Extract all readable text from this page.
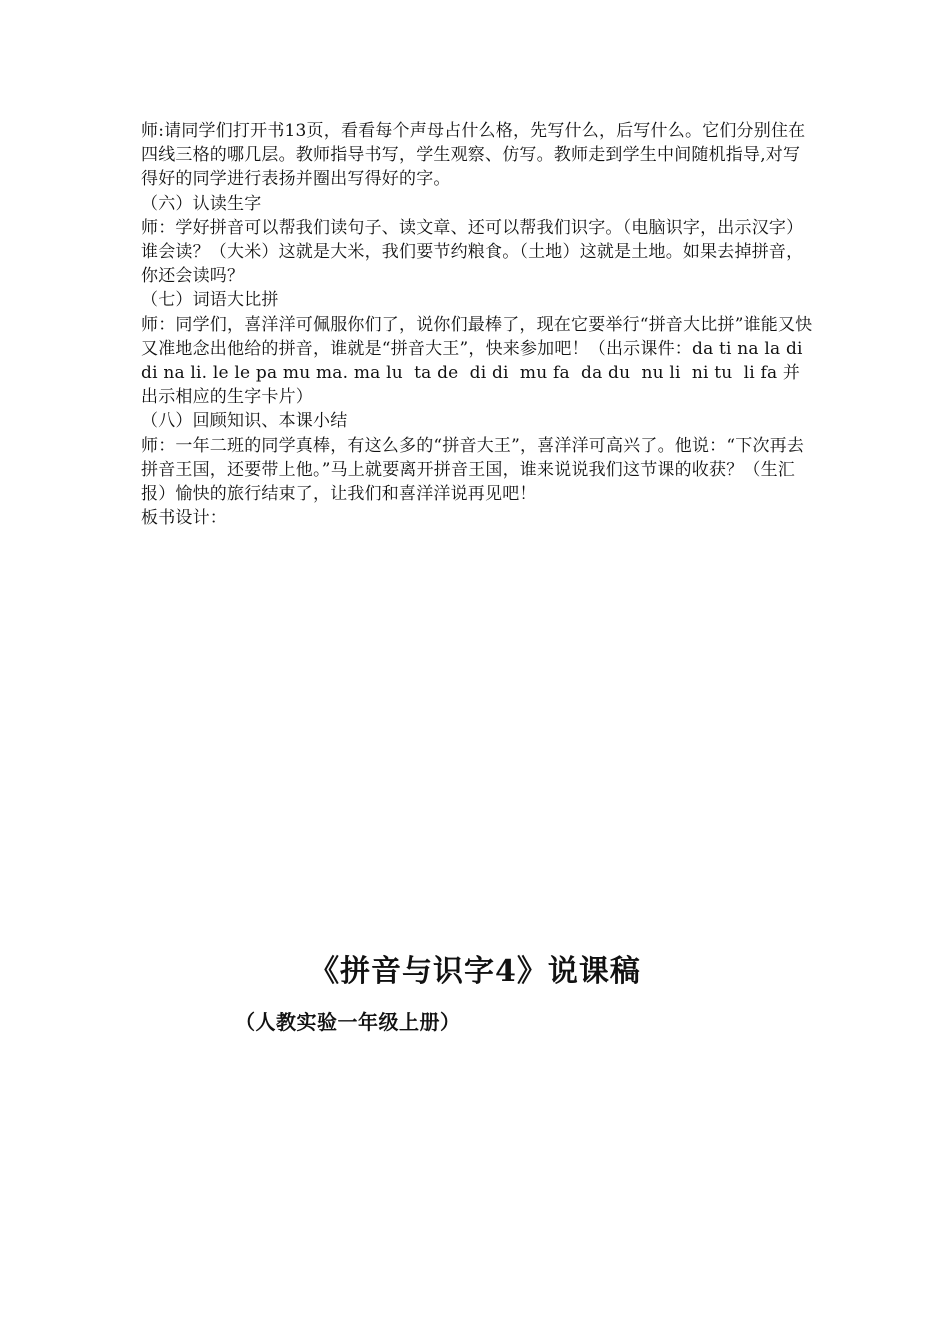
师:请同学们打开书13页，看看每个声母占什么格，先写什么，后写什么。它们分别住在四线三格的哪几层。教师指导书写，学生观察、仿写。教师走到学生中间随机指导,对写得好的同学进行表扬并圈出写得好的字。

（六）认读生字

师：学好拼音可以帮我们读句子、读文章、还可以帮我们识字。（电脑识字，出示汉字）谁会读？（大米）这就是大米，我们要节约粮食。（土地）这就是土地。如果去掉拼音，你还会读吗？

（七）词语大比拼

师：同学们，喜洋洋可佩服你们了，说你们最棒了，现在它要举行“拼音大比拼”谁能又快又准地念出他给的拼音，谁就是“拼音大王”，快来参加吧！（出示课件：da ti na la di di na li. le le pa mu ma. ma lu  ta de  di di  mu fa  da du  nu li  ni tu  li fa 并出示相应的生字卡片）

（八）回顾知识、本课小结

师：一年二班的同学真棒，有这么多的“拼音大王”，喜洋洋可高兴了。他说：“下次再去拼音王国，还要带上他。”马上就要离开拼音王国，谁来说说我们这节课的收获？（生汇报）愉快的旅行结束了，让我们和喜洋洋说再见吧！

板书设计：

《拼音与识字4》说课稿
（人教实验一年级上册）
